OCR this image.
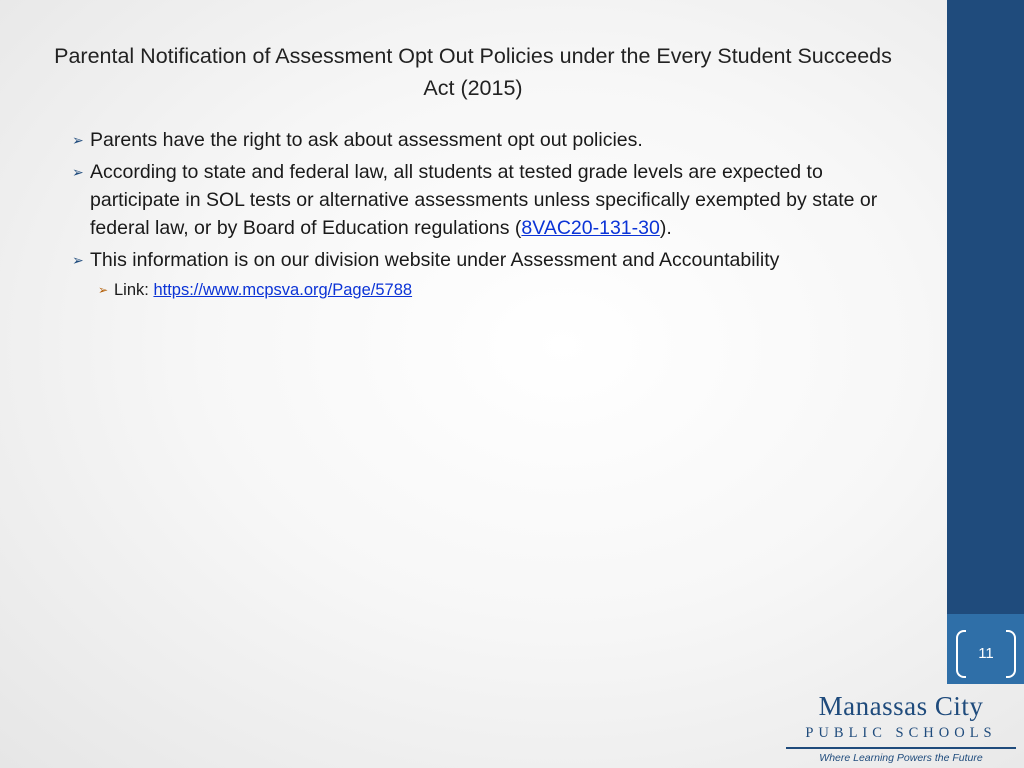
11
Parental Notification of Assessment Opt Out Policies under the Every Student Succeeds Act (2015)
➢ Parents have the right to ask about assessment opt out policies.
➢ According to state and federal law, all students at tested grade levels are expected to participate in SOL tests or alternative assessments unless specifically exempted by state or federal law, or by Board of Education regulations (8VAC20-131-30).
➢ This information is on our division website under Assessment and Accountability
➢ Link: https://www.mcpsva.org/Page/5788
Manassas City
PUBLIC SCHOOLS
Where Learning Powers the Future
